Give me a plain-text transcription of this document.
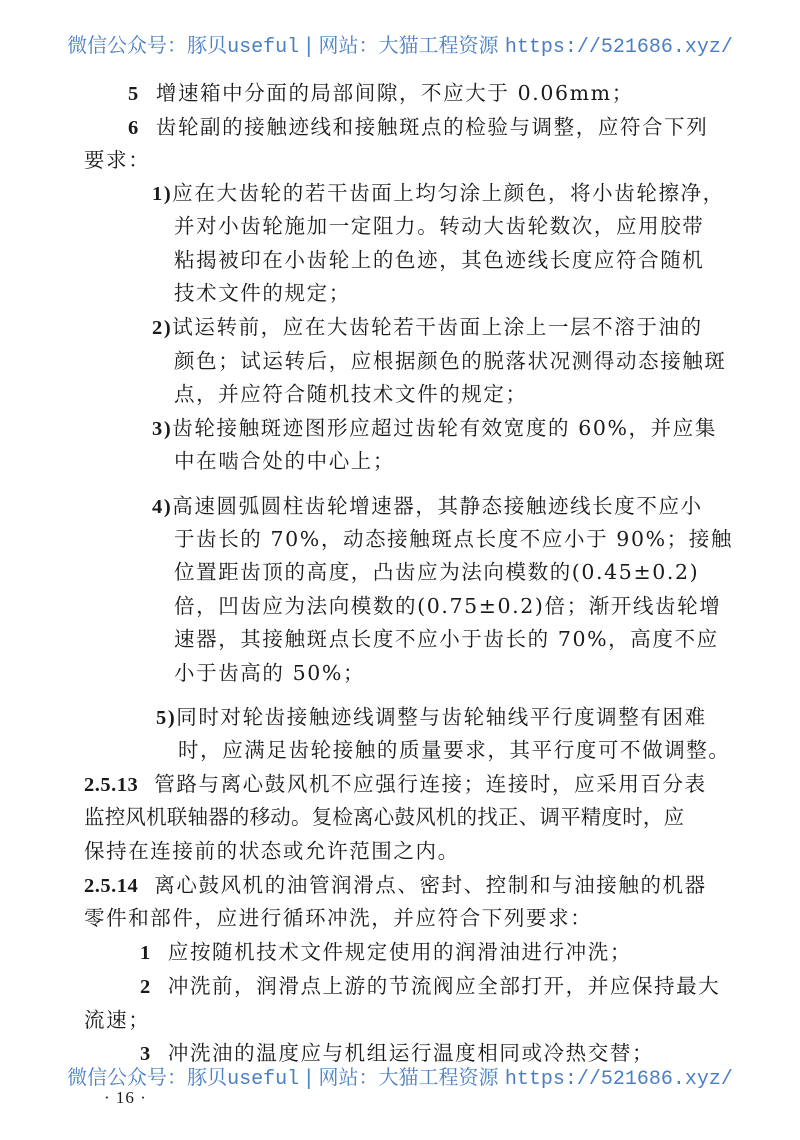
微信公众号：豚贝useful | 网站：大猫工程资源 https://521686.xyz/
5 增速箱中分面的局部间隙，不应大于 0.06mm；
6 齿轮副的接触迹线和接触斑点的检验与调整，应符合下列
要求：
1)应在大齿轮的若干齿面上均匀涂上颜色，将小齿轮擦净，
并对小齿轮施加一定阻力。转动大齿轮数次，应用胶带
粘揭被印在小齿轮上的色迹，其色迹线长度应符合随机
技术文件的规定；
2)试运转前，应在大齿轮若干齿面上涂上一层不溶于油的
颜色；试运转后，应根据颜色的脱落状况测得动态接触斑
点，并应符合随机技术文件的规定；
3)齿轮接触斑迹图形应超过齿轮有效宽度的 60%，并应集
中在啮合处的中心上；
4)高速圆弧圆柱齿轮增速器，其静态接触迹线长度不应小
于齿长的 70%，动态接触斑点长度不应小于 90%；接触
位置距齿顶的高度，凸齿应为法向模数的(0.45±0.2)
倍，凹齿应为法向模数的(0.75±0.2)倍；渐开线齿轮增
速器，其接触斑点长度不应小于齿长的 70%，高度不应
小于齿高的 50%；
5)同时对轮齿接触迹线调整与齿轮轴线平行度调整有困难
时，应满足齿轮接触的质量要求，其平行度可不做调整。
2.5.13 管路与离心鼓风机不应强行连接；连接时，应采用百分表
监控风机联轴器的移动。复检离心鼓风机的找正、调平精度时，应
保持在连接前的状态或允许范围之内。
2.5.14 离心鼓风机的油管润滑点、密封、控制和与油接触的机器
零件和部件，应进行循环冲洗，并应符合下列要求：
1 应按随机技术文件规定使用的润滑油进行冲洗；
2 冲洗前，润滑点上游的节流阀应全部打开，并应保持最大
流速；
3 冲洗油的温度应与机组运行温度相同或冷热交替；
微信公众号：豚贝useful | 网站：大猫工程资源 https://521686.xyz/
· 16 ·
